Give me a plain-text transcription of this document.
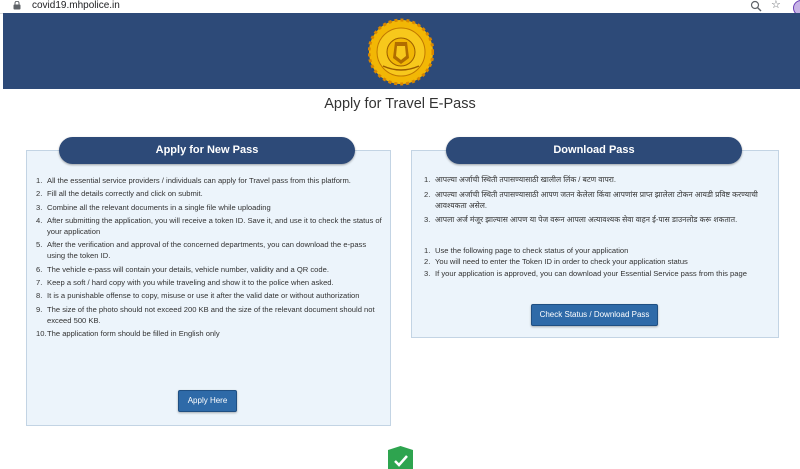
covid19.mhpolice.in	☆
Apply for Travel E-Pass
Apply for New Pass
1. All the essential service providers / individuals can apply for Travel pass from this platform.
2. Fill all the details correctly and click on submit.
3. Combine all the relevant documents in a single file while uploading
4. After submitting the application, you will receive a token ID. Save it, and use it to check the status of your application
5. After the verification and approval of the concerned departments, you can download the e-pass using the token ID.
6. The vehicle e-pass will contain your details, vehicle number, validity and a QR code.
7. Keep a soft / hard copy with you while traveling and show it to the police when asked.
8. It is a punishable offense to copy, misuse or use it after the valid date or without authorization
9. The size of the photo should not exceed 200 KB and the size of the relevant document should not exceed 500 KB.
10. The application form should be filled in English only
Apply Here
Download Pass
1. आपल्या अर्जाची स्थिती तपासण्यासाठी खालील लिंक / बटण वापरा.
2. आपल्या अर्जाची स्थिती तपासण्यासाठी आपण जतन केलेला किंवा आपणांस प्राप्त झालेला टोकन आयडी प्रविष्ट करण्याची आवश्यकता असेल.
3. आपला अर्ज मंजूर झाल्यास आपण या पेज वरून आपला अत्यावश्यक सेवा वाहन ई-पास डाउनलोड करू शकतात.
1. Use the following page to check status of your application
2. You will need to enter the Token ID in order to check your application status
3. If your application is approved, you can download your Essential Service pass from this page
Check Status / Download Pass
